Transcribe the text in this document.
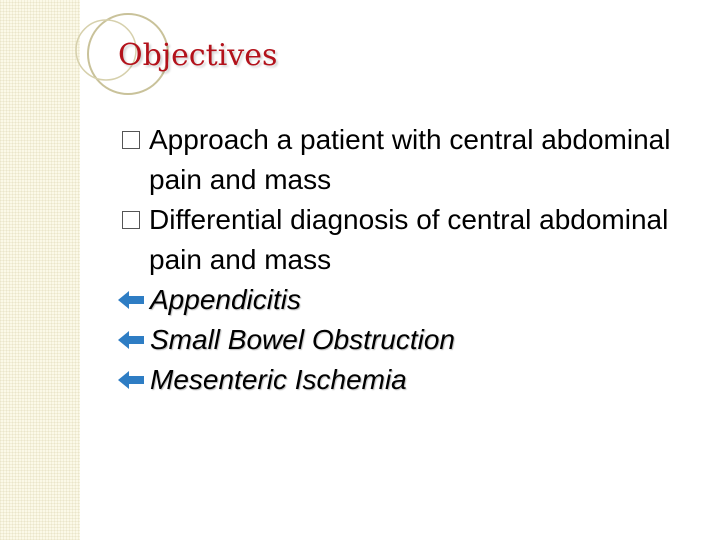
Objectives
Approach a patient with central abdominal pain and mass
Differential diagnosis of central abdominal pain and mass
Appendicitis
Small Bowel Obstruction
Mesenteric Ischemia
